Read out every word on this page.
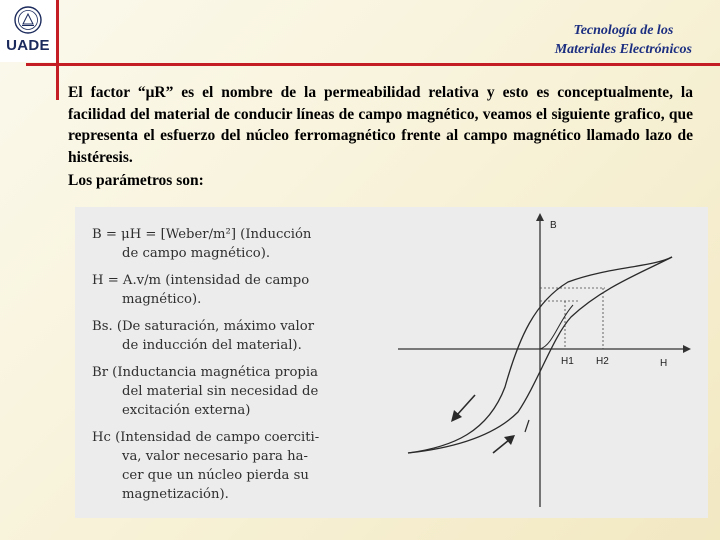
UADE
Tecnología de los
Materiales Electrónicos
El factor “μR” es el nombre de la permeabilidad relativa y esto es conceptualmente, la facilidad del material de conducir líneas de campo magnético, veamos el siguiente grafico, que representa el esfuerzo del núcleo ferromagnético frente al campo magnético llamado lazo de histéresis.
Los parámetros son:
B = μH = [Weber/m²] (Inducción
de campo magnético).
H = A.v/m (intensidad de campo
magnético).
Bs. (De saturación, máximo valor
de inducción del material).
Br (Inductancia magnética propia
del material sin necesidad de
excitación externa)
Hc (Intensidad de campo coerciti-
va, valor necesario para ha-
cer que un núcleo pierda su
magnetización).
B
H
H1 H2
